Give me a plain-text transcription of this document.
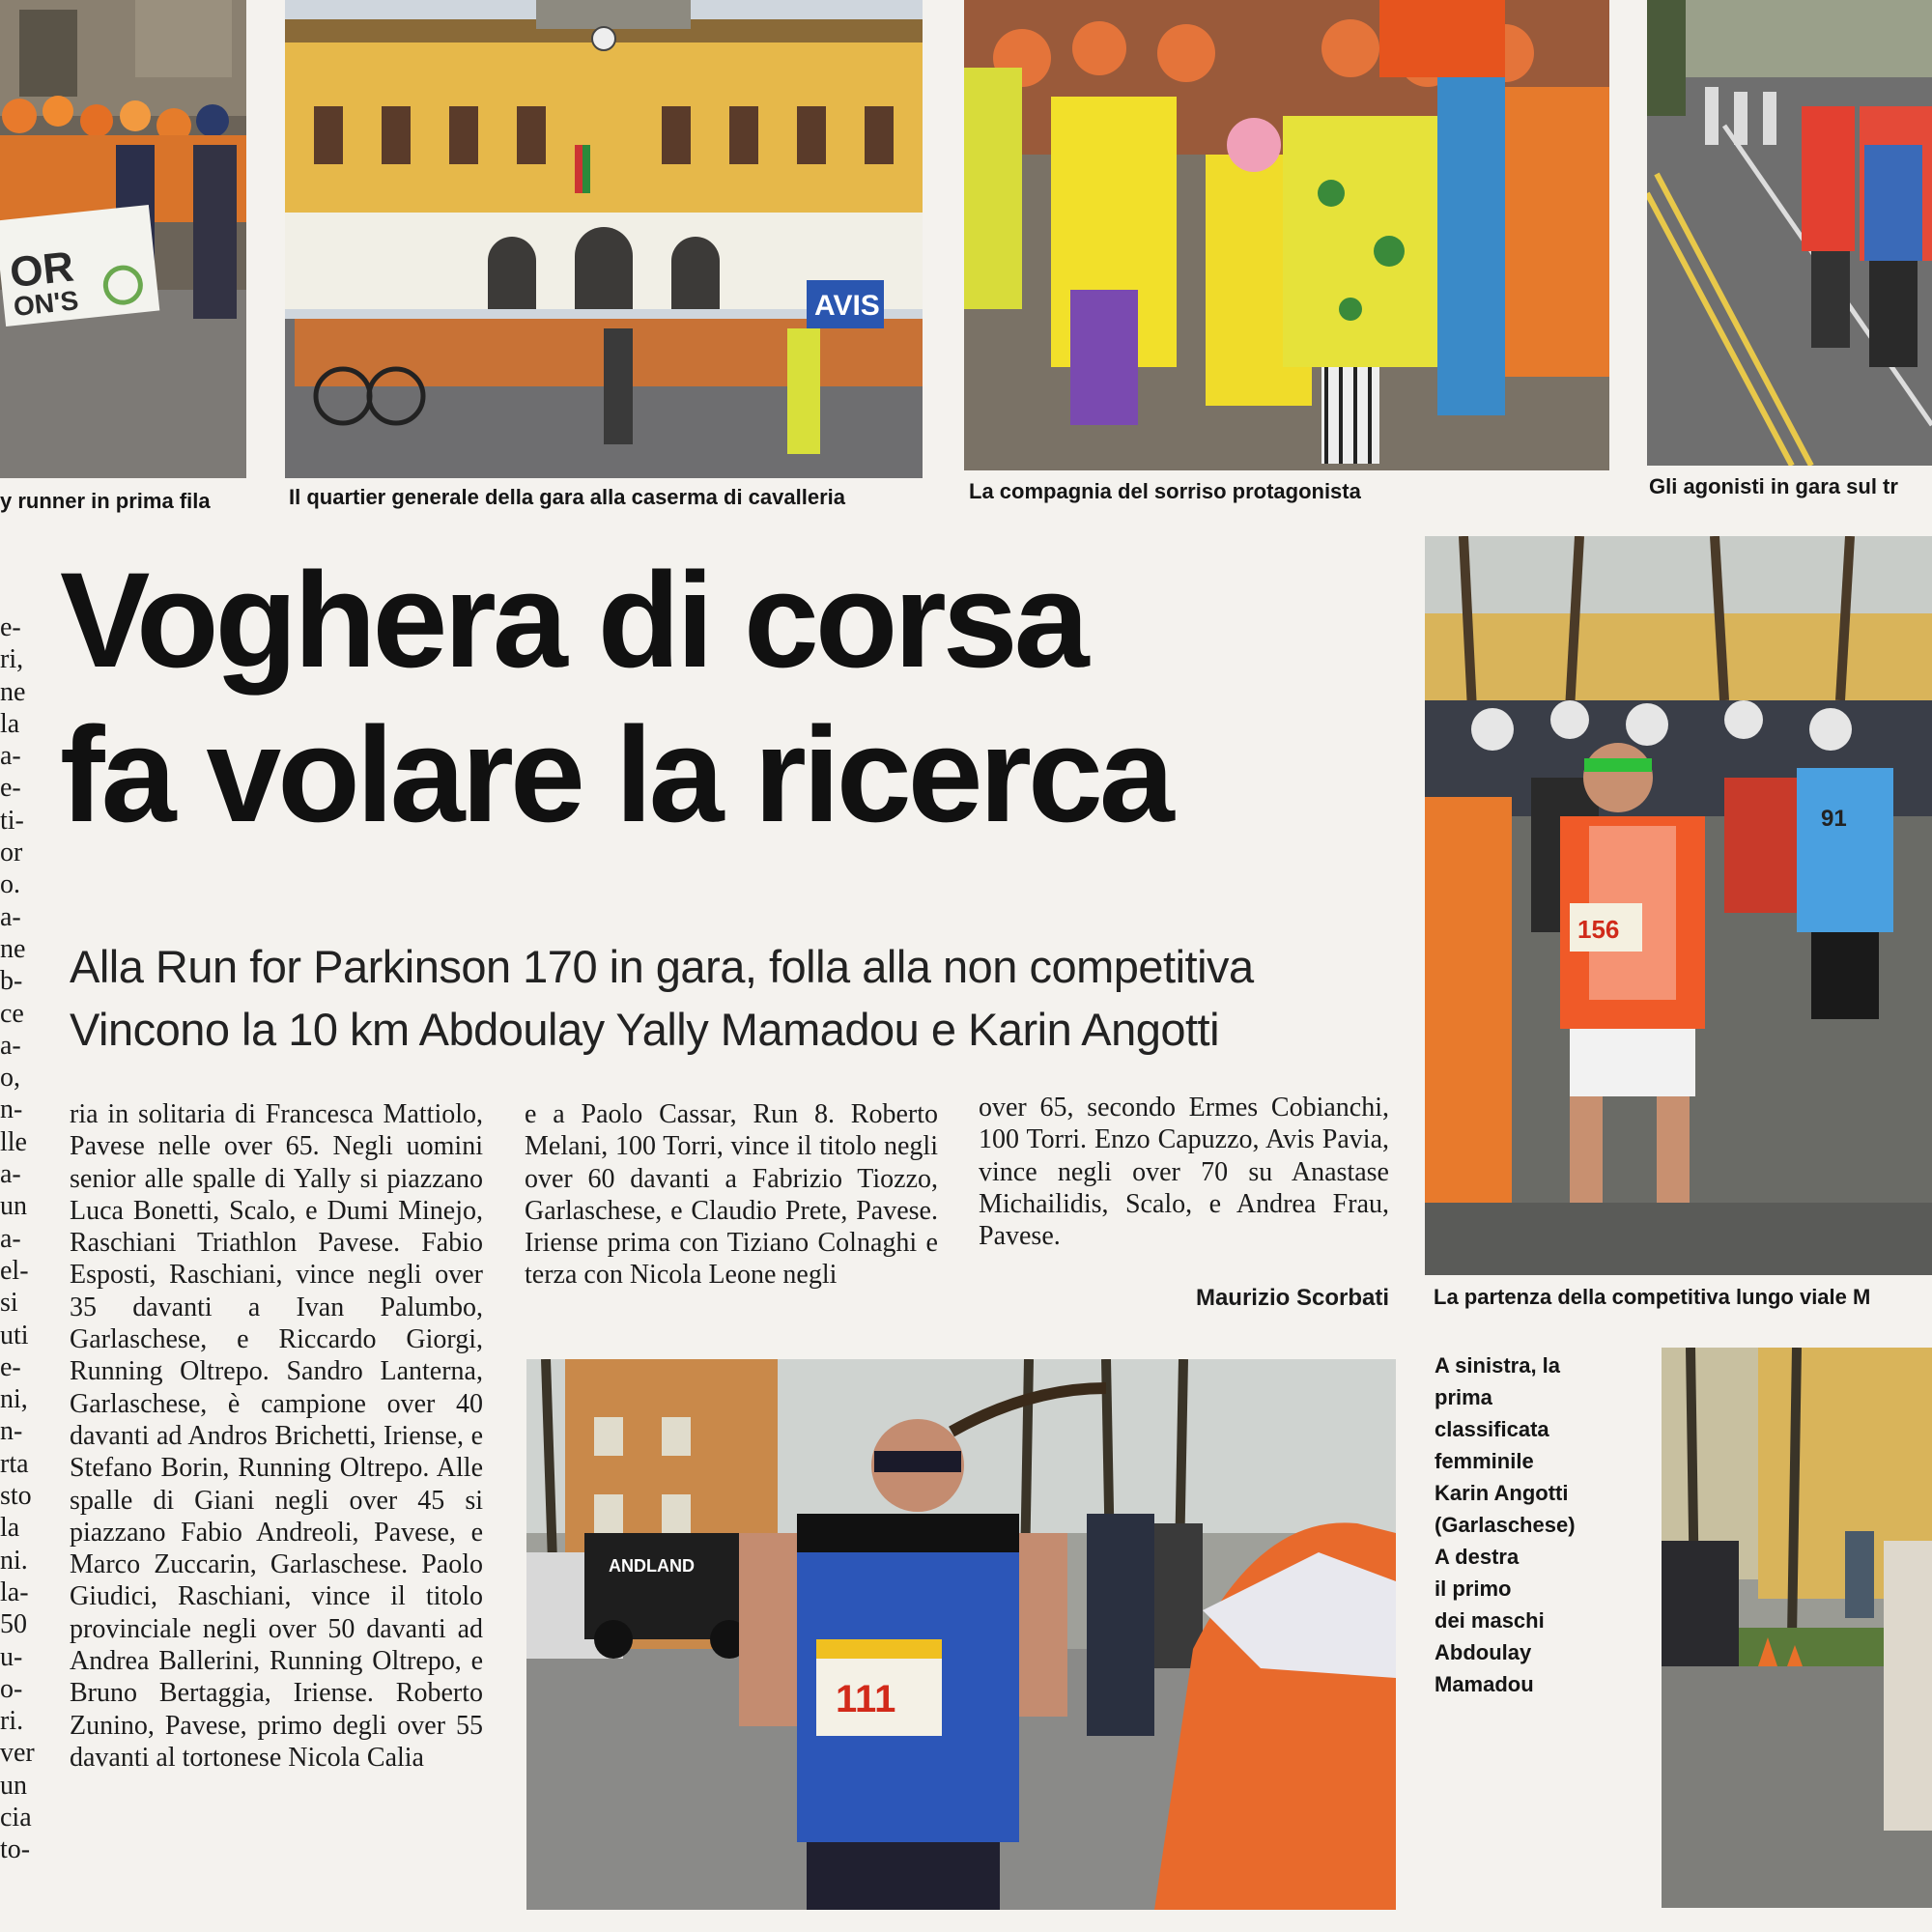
OR
ON'S
y runner in prima fila
AVIS
Il quartier generale della gara alla caserma di cavalleria	La compagnia del sorriso protagonista	Gli agonisti in gara sul tr
Voghera di corsa
fa volare la ricerca
Alla Run for Parkinson 170 in gara, folla alla non competitiva
Vincono la 10 km Abdoulay Yally Mamadou e Karin Angotti
e-
ri,
ne
la
a-
e-
ti-
or
o.
a-
ne
b-
ce
a-
o,
n-
lle
a-
un
a-
el-
si
uti
e-
ni,
n-
rta
sto
la
ni.
la-
50
u-
o-
ri.
ver
un
cia
to-
ria in solitaria di Francesca Mattiolo, Pavese nelle over 65. Negli uomini senior alle spalle di Yally si piazzano Luca Bonetti, Scalo, e Dumi Minejo, Raschiani Triathlon Pavese. Fabio Esposti, Raschiani, vince negli over 35 davanti a Ivan Palumbo, Garlaschese, e Riccardo Giorgi, Running Oltrepo. Sandro Lanterna, Garlaschese, è campione over 40 davanti ad Andros Brichetti, Iriense, e Stefano Borin, Running Oltrepo. Alle spalle di Giani negli over 45 si piazzano Fabio Andreoli, Pavese, e Marco Zuccarin, Garlaschese. Paolo Giudici, Raschiani, vince il titolo provinciale negli over 50 davanti ad Andrea Ballerini, Running Oltrepo, e Bruno Bertaggia, Iriense. Roberto Zunino, Pavese, primo degli over 55 davanti al tortonese Nicola Calia
e a Paolo Cassar, Run 8. Roberto Melani, 100 Torri, vince il titolo negli over 60 davanti a Fabrizio Tiozzo, Garlaschese, e Claudio Prete, Pavese. Iriense prima con Tiziano Colnaghi e terza con Nicola Leone negli
over 65, secondo Ermes Cobianchi, 100 Torri. Enzo Capuzzo, Avis Pavia, vince negli over 70 su Anastase Michailidis, Scalo, e Andrea Frau, Pavese.
Maurizio Scorbati
91
156
La partenza della competitiva lungo viale M
ANDLAND
111
A sinistra, la
prima
classificata
femminile
Karin Angotti
(Garlaschese)
A destra
il primo
dei maschi
Abdoulay
Mamadou
